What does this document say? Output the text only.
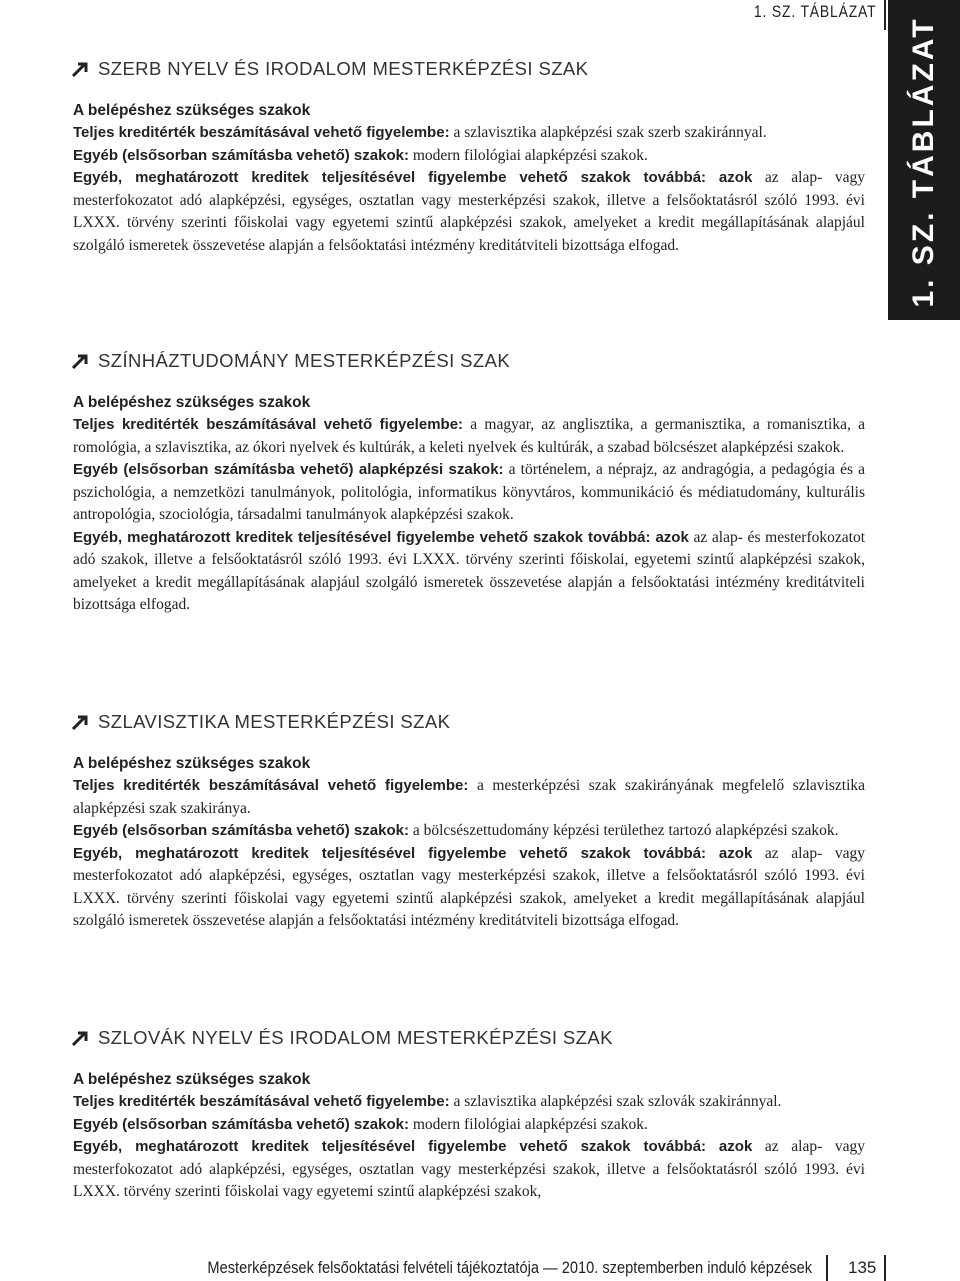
1. SZ. TÁBLÁZAT
1. SZ. TÁBLÁZAT
SZERB NYELV ÉS IRODALOM MESTERKÉPZÉSI SZAK
A belépéshez szükséges szakok

Teljes kreditérték beszámításával vehető figyelembe: a szlavisztika alapképzési szak szerb szakiránnyal.

Egyéb (elsősorban számításba vehető) szakok: modern filológiai alapképzési szakok.

Egyéb, meghatározott kreditek teljesítésével figyelembe vehető szakok továbbá: azok az alap- vagy mesterfokozatot adó alapképzési, egységes, osztatlan vagy mesterképzési szakok, illetve a felsőoktatásról szóló 1993. évi LXXX. törvény szerinti főiskolai vagy egyetemi szintű alapképzési szakok, amelyeket a kredit megállapításának alapjául szolgáló ismeretek összevetése alapján a felsőoktatási intézmény kreditátviteli bizottsága elfogad.

SZÍNHÁZTUDOMÁNY MESTERKÉPZÉSI SZAK
A belépéshez szükséges szakok

Teljes kreditérték beszámításával vehető figyelembe: a magyar, az anglisztika, a germanisztika, a romanisztika, a romológia, a szlavisztika, az ókori nyelvek és kultúrák, a keleti nyelvek és kultúrák, a szabad bölcsészet alapképzési szakok.

Egyéb (elsősorban számításba vehető) alapképzési szakok: a történelem, a néprajz, az andragógia, a pedagógia és a pszichológia, a nemzetközi tanulmányok, politológia, informatikus könyvtáros, kommunikáció és médiatudomány, kulturális antropológia, szociológia, társadalmi tanulmányok alapképzési szakok.

Egyéb, meghatározott kreditek teljesítésével figyelembe vehető szakok továbbá: azok az alap- és mesterfokozatot adó szakok, illetve a felsőoktatásról szóló 1993. évi LXXX. törvény szerinti főiskolai, egyetemi szintű alapképzési szakok, amelyeket a kredit megállapításának alapjául szolgáló ismeretek összevetése alapján a felsőoktatási intézmény kreditátviteli bizottsága elfogad.

SZLAVISZTIKA MESTERKÉPZÉSI SZAK
A belépéshez szükséges szakok

Teljes kreditérték beszámításával vehető figyelembe: a mesterképzési szak szakirányának megfelelő szlavisztika alapképzési szak szakiránya.

Egyéb (elsősorban számításba vehető) szakok: a bölcsészettudomány képzési területhez tartozó alapképzési szakok.

Egyéb, meghatározott kreditek teljesítésével figyelembe vehető szakok továbbá: azok az alap- vagy mesterfokozatot adó alapképzési, egységes, osztatlan vagy mesterképzési szakok, illetve a felsőoktatásról szóló 1993. évi LXXX. törvény szerinti főiskolai vagy egyetemi szintű alapképzési szakok, amelyeket a kredit megállapításának alapjául szolgáló ismeretek összevetése alapján a felsőoktatási intézmény kreditátviteli bizottsága elfogad.

SZLOVÁK NYELV ÉS IRODALOM MESTERKÉPZÉSI SZAK
A belépéshez szükséges szakok

Teljes kreditérték beszámításával vehető figyelembe: a szlavisztika alapképzési szak szlovák szakiránnyal.

Egyéb (elsősorban számításba vehető) szakok: modern filológiai alapképzési szakok.

Egyéb, meghatározott kreditek teljesítésével figyelembe vehető szakok továbbá: azok az alap- vagy mesterfokozatot adó alapképzési, egységes, osztatlan vagy mesterképzési szakok, illetve a felsőoktatásról szóló 1993. évi LXXX. törvény szerinti főiskolai vagy egyetemi szintű alapképzési szakok,

Mesterképzések felsőoktatási felvételi tájékoztatója — 2010. szeptemberben induló képzések 135
